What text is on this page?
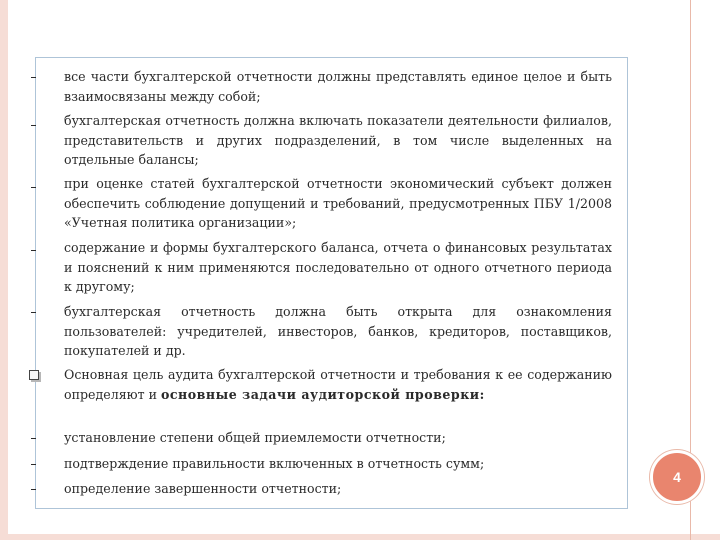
все части бухгалтерской отчетности должны представлять единое целое и быть взаимосвязаны между собой;
бухгалтерская отчетность должна включать показатели деятельности филиалов, представительств и других подразделений, в том числе выделенных на отдельные балансы;
при оценке статей бухгалтерской отчетности экономический субъект должен обеспечить соблюдение допущений и требований, предусмотренных ПБУ 1/2008 «Учетная политика организации»;
содержание и формы бухгалтерского баланса, отчета о финансовых результатах и пояснений к ним применяются последовательно от одного отчетного периода к другому;
бухгалтерская отчетность должна быть открыта для ознакомления пользователей: учредителей, инвесторов, банков, кредиторов, поставщиков, покупателей и др.
Основная цель аудита бухгалтерской отчетности и требования к ее содержанию определяют и основные задачи аудиторской проверки:
установление степени общей приемлемости отчетности;
подтверждение правильности включенных в отчетность сумм;
определение завершенности отчетности;
4
